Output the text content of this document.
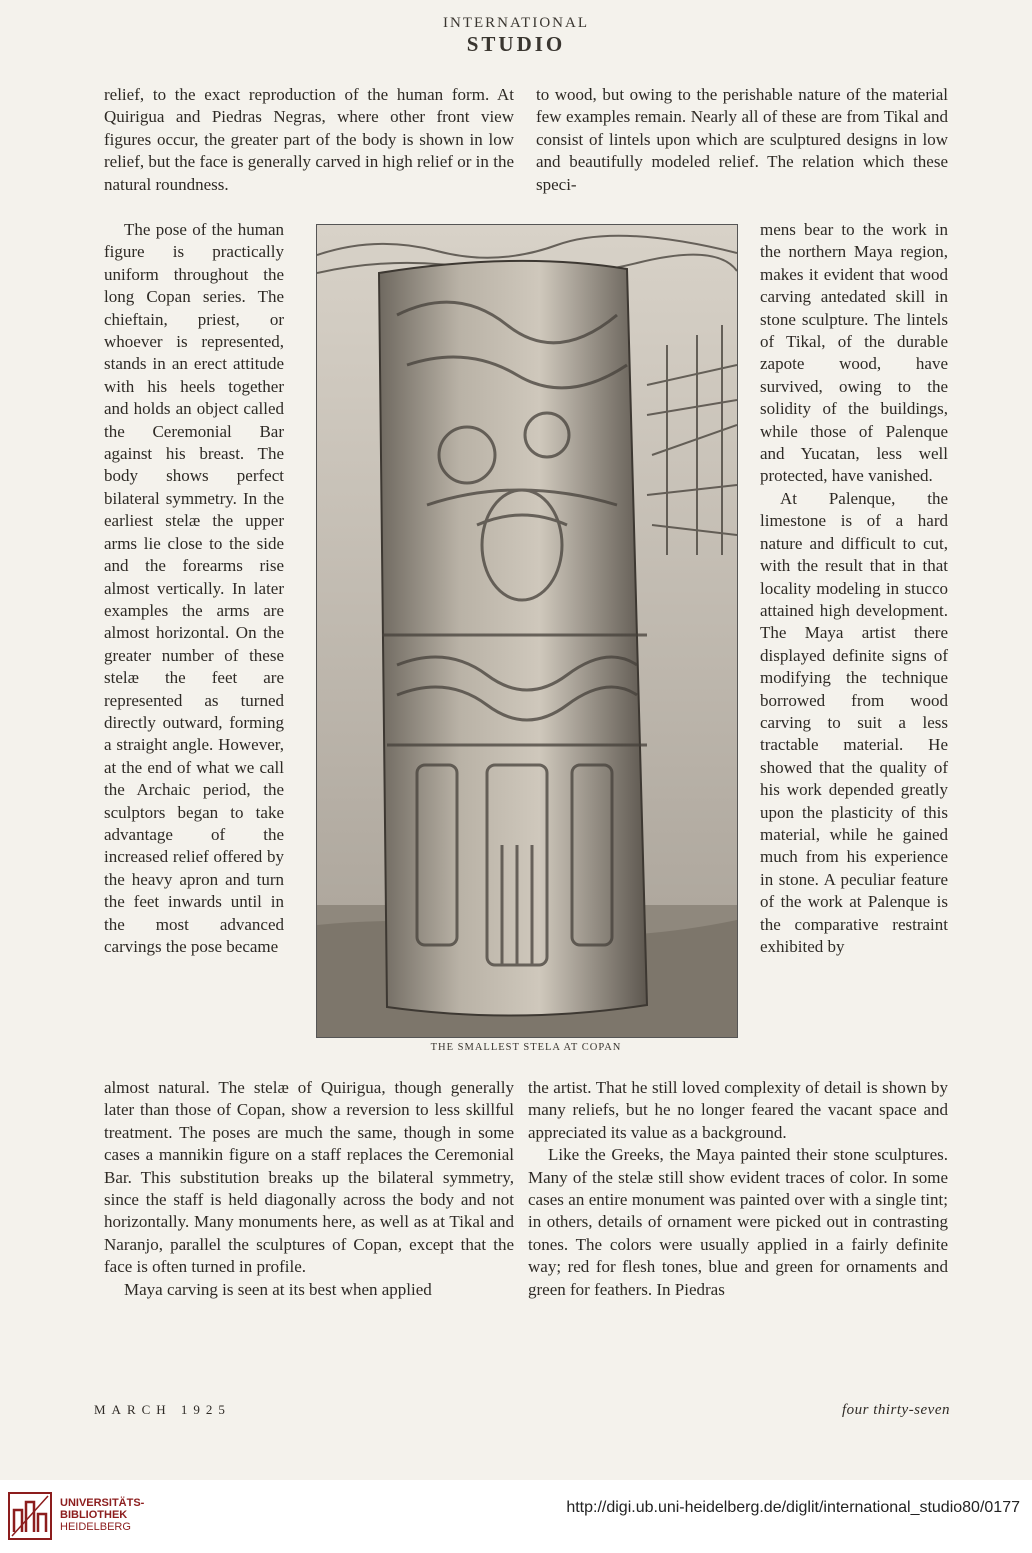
INTERNATIONAL
STUDIO

relief, to the exact reproduction of the human form. At Quirigua and Piedras Negras, where other front view figures occur, the greater part of the body is shown in low relief, but the face is generally carved in high relief or in the natural roundness.

to wood, but owing to the perishable nature of the material few examples remain. Nearly all of these are from Tikal and consist of lintels upon which are sculptured designs in low and beautifully modeled relief. The relation which these speci-

The pose of the human figure is practically uniform throughout the long Copan series. The chieftain, priest, or whoever is represented, stands in an erect attitude with his heels together and holds an object called the Ceremonial Bar against his breast. The body shows perfect bilateral symmetry. In the earliest stelæ the upper arms lie close to the side and the forearms rise almost vertically. In later examples the arms are almost horizontal. On the greater number of these stelæ the feet are represented as turned directly outward, forming a straight angle. However, at the end of what we call the Archaic period, the sculptors began to take advantage of the increased relief offered by the heavy apron and turn the feet inwards until in the most advanced carvings the pose became

mens bear to the work in the northern Maya region, makes it evident that wood carving antedated skill in stone sculpture. The lintels of Tikal, of the durable zapote wood, have survived, owing to the solidity of the buildings, while those of Palenque and Yucatan, less well protected, have vanished.

At Palenque, the limestone is of a hard nature and difficult to cut, with the result that in that locality modeling in stucco attained high development. The Maya artist there displayed definite signs of modifying the technique borrowed from wood carving to suit a less tractable material. He showed that the quality of his work depended greatly upon the plasticity of this material, while he gained much from his experience in stone. A peculiar feature of the work at Palenque is the comparative restraint exhibited by

THE SMALLEST STELA AT COPAN

almost natural. The stelæ of Quirigua, though generally later than those of Copan, show a reversion to less skillful treatment. The poses are much the same, though in some cases a mannikin figure on a staff replaces the Ceremonial Bar. This substitution breaks up the bilateral symmetry, since the staff is held diagonally across the body and not horizontally. Many monuments here, as well as at Tikal and Naranjo, parallel the sculptures of Copan, except that the face is often turned in profile.

Maya carving is seen at its best when applied

the artist. That he still loved complexity of detail is shown by many reliefs, but he no longer feared the vacant space and appreciated its value as a background.

Like the Greeks, the Maya painted their stone sculptures. Many of the stelæ still show evident traces of color. In some cases an entire monument was painted over with a single tint; in others, details of ornament were picked out in contrasting tones. The colors were usually applied in a fairly definite way; red for flesh tones, blue and green for ornaments and green for feathers. In Piedras

MARCH 1925	four thirty-seven
UNIVERSITÄTS-
BIBLIOTHEK
HEIDELBERG
http://digi.ub.uni-heidelberg.de/diglit/international_studio80/0177
